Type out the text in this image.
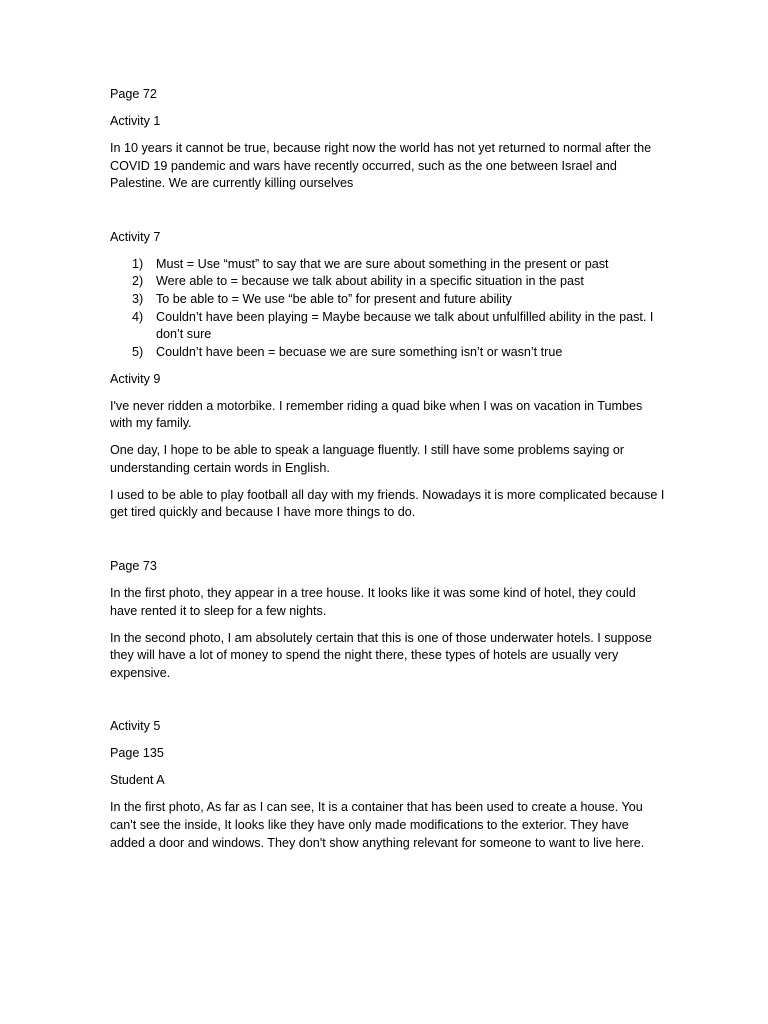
Page 72
Activity 1
In 10 years it cannot be true, because right now the world has not yet returned to normal after the COVID 19 pandemic and wars have recently occurred, such as the one between Israel and Palestine. We are currently killing ourselves
Activity 7
1)	Must = Use “must” to say that we are sure about something in the present or past
2)	Were able to = because we talk about ability in a specific situation in the past
3)	To be able to = We use “be able to” for present and future ability
4)	Couldn’t have been playing = Maybe because we talk about unfulfilled ability in the past. I don’t sure
5)	Couldn’t have been = becuase we are sure something isn’t or wasn’t true
Activity 9
I've never ridden a motorbike. I remember riding a quad bike when I was on vacation in Tumbes with my family.
One day, I hope to be able to speak a language fluently. I still have some problems saying or understanding certain words in English.
I used to be able to play football all day with my friends. Nowadays it is more complicated because I get tired quickly and because I have more things to do.
Page 73
In the first photo, they appear in a tree house. It looks like it was some kind of hotel, they could have rented it to sleep for a few nights.
In the second photo, I am absolutely certain that this is one of those underwater hotels. I suppose they will have a lot of money to spend the night there, these types of hotels are usually very expensive.
Activity 5
Page 135
Student A
In the first photo, As far as I can see, It is a container that has been used to create a house. You can't see the inside, It looks like they have only made modifications to the exterior. They have added a door and windows. They don't show anything relevant for someone to want to live here.
